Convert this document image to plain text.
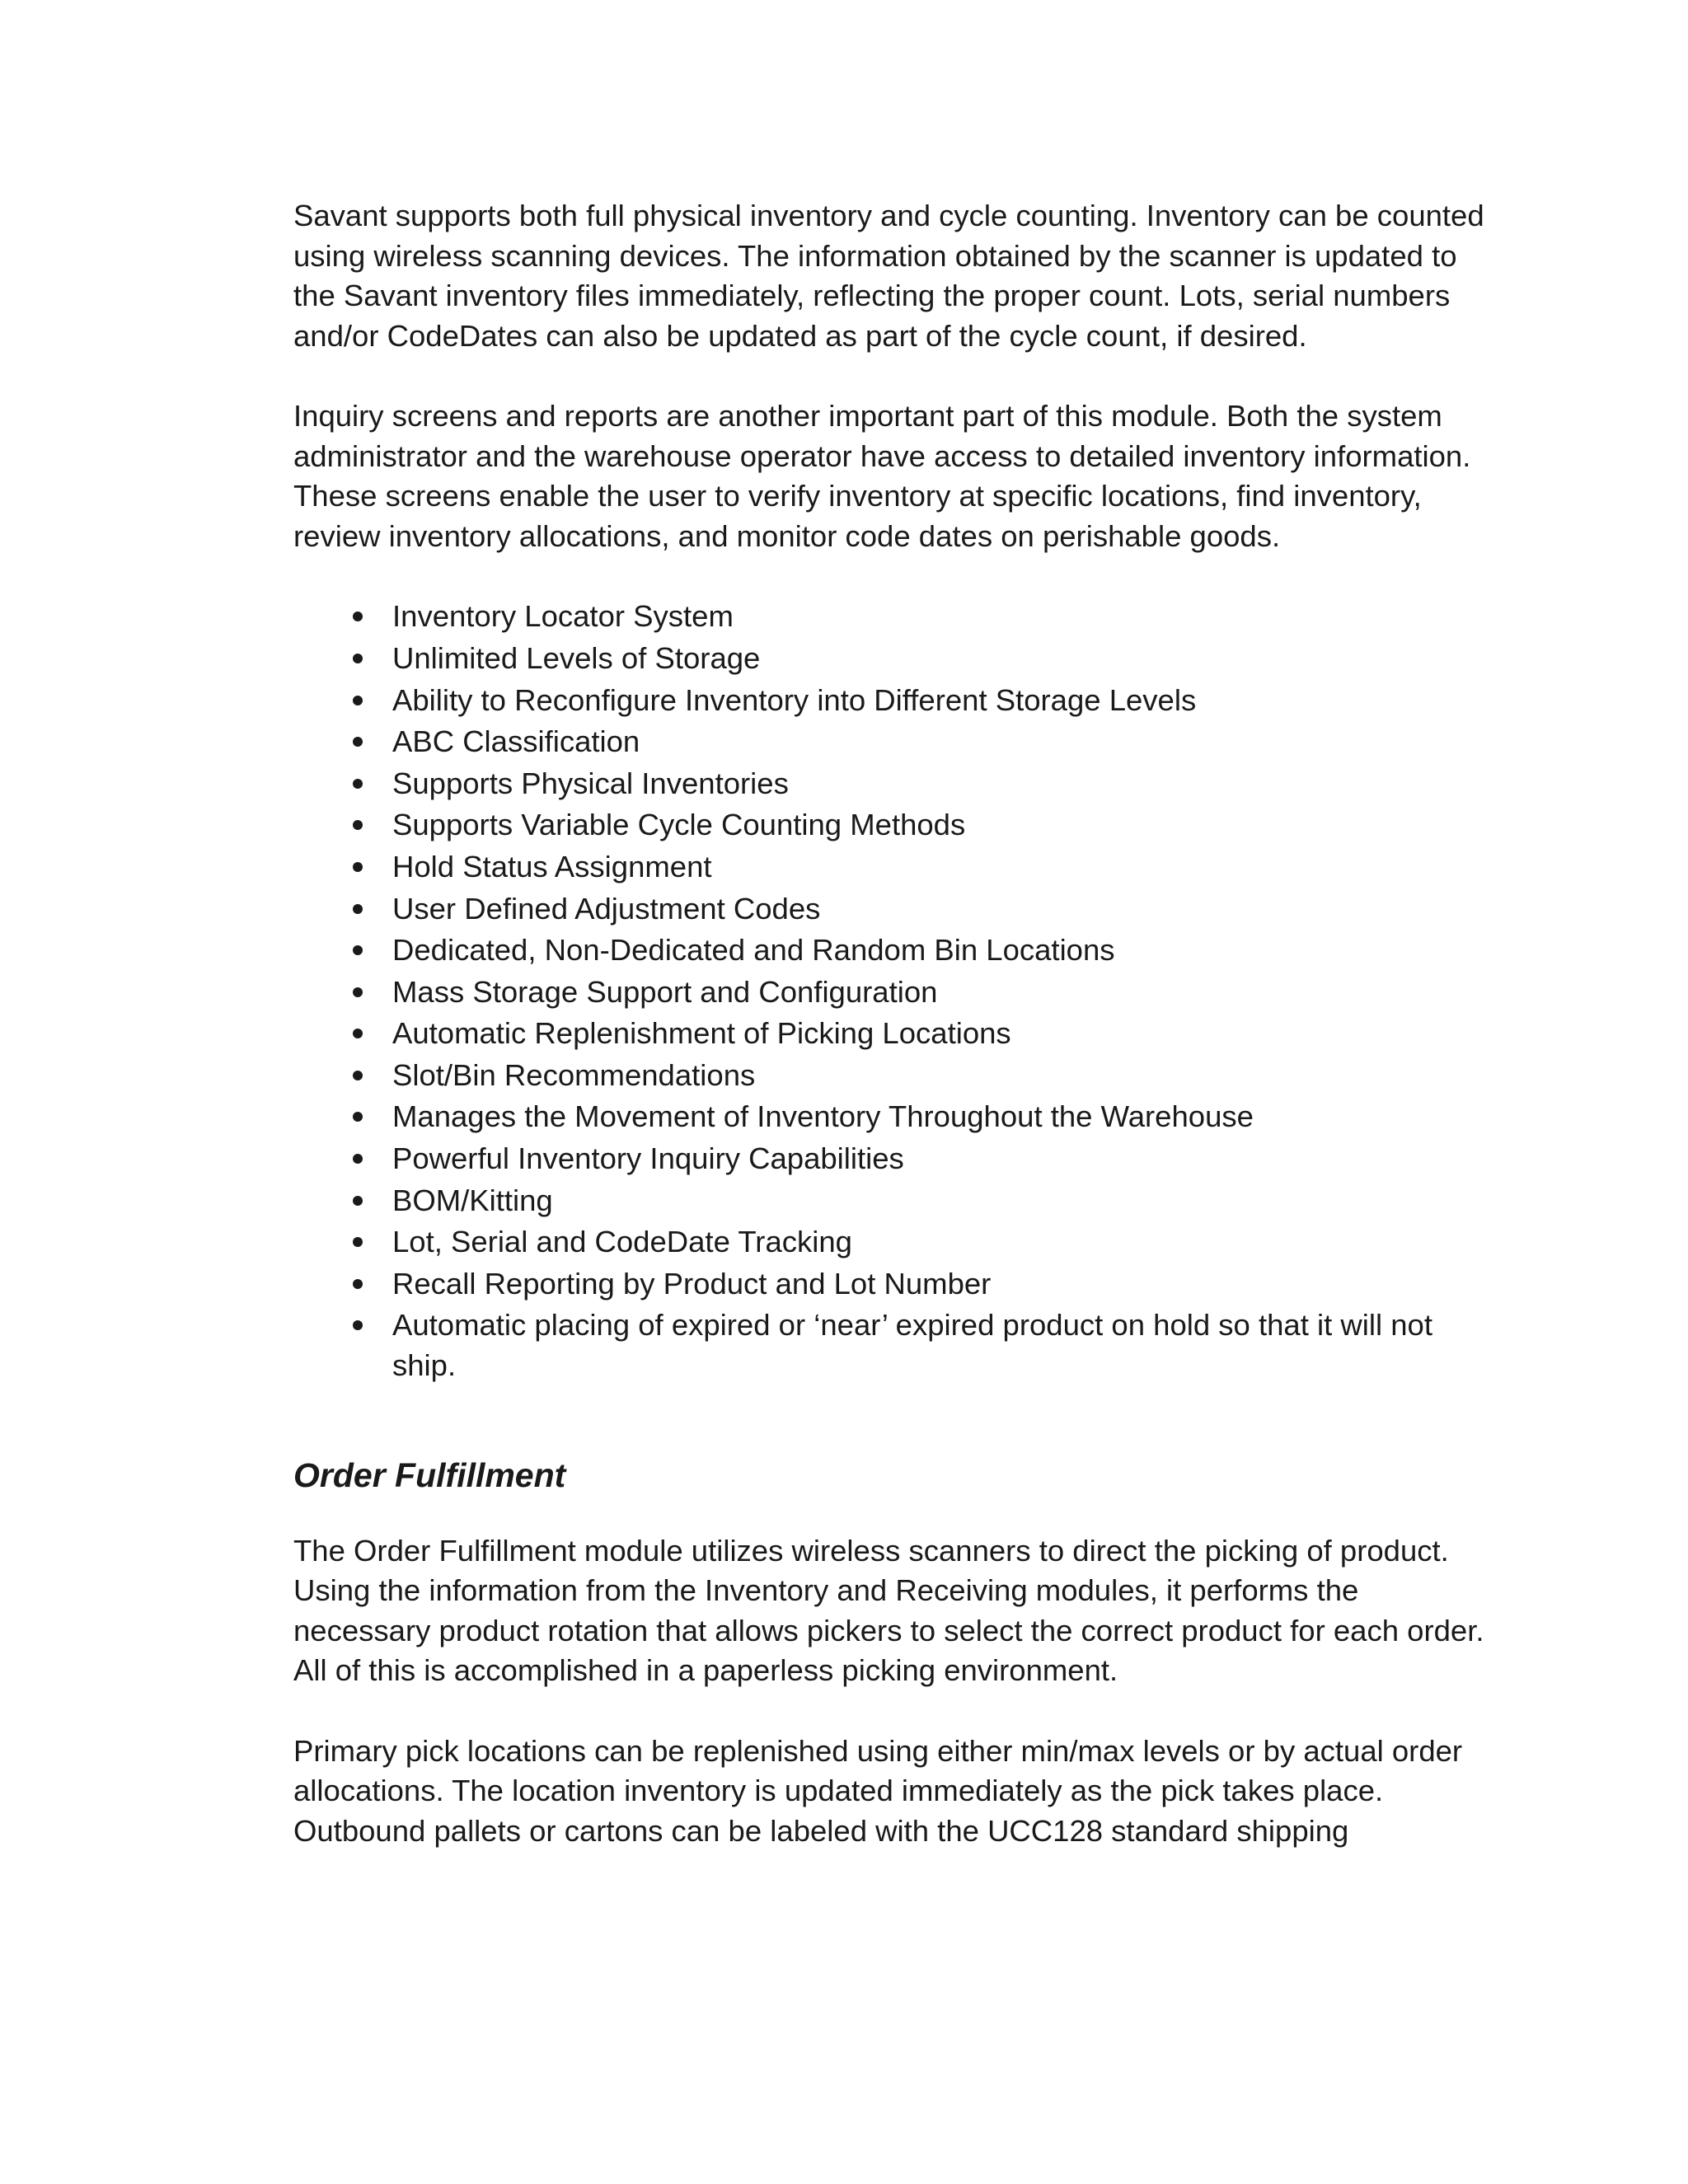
Savant supports both full physical inventory and cycle counting. Inventory can be counted using wireless scanning devices. The information obtained by the scanner is updated to the Savant inventory files immediately, reflecting the proper count. Lots, serial numbers and/or CodeDates can also be updated as part of the cycle count, if desired.

Inquiry screens and reports are another important part of this module. Both the system administrator and the warehouse operator have access to detailed inventory information. These screens enable the user to verify inventory at specific locations, find inventory, review inventory allocations, and monitor code dates on perishable goods.

Inventory Locator System
Unlimited Levels of Storage
Ability to Reconfigure Inventory into Different Storage Levels
ABC Classification
Supports Physical Inventories
Supports Variable Cycle Counting Methods
Hold Status Assignment
User Defined Adjustment Codes
Dedicated, Non-Dedicated and Random Bin Locations
Mass Storage Support and Configuration
Automatic Replenishment of Picking Locations
Slot/Bin Recommendations
Manages the Movement of Inventory Throughout the Warehouse
Powerful Inventory Inquiry Capabilities
BOM/Kitting
Lot, Serial and CodeDate Tracking
Recall Reporting by Product and Lot Number
Automatic placing of expired or ‘near’ expired product on hold so that it will not ship.
Order Fulfillment

The Order Fulfillment module utilizes wireless scanners to direct the picking of product. Using the information from the Inventory and Receiving modules, it performs the necessary product rotation that allows pickers to select the correct product for each order. All of this is accomplished in a paperless picking environment.

Primary pick locations can be replenished using either min/max levels or by actual order allocations. The location inventory is updated immediately as the pick takes place. Outbound pallets or cartons can be labeled with the UCC128 standard shipping
